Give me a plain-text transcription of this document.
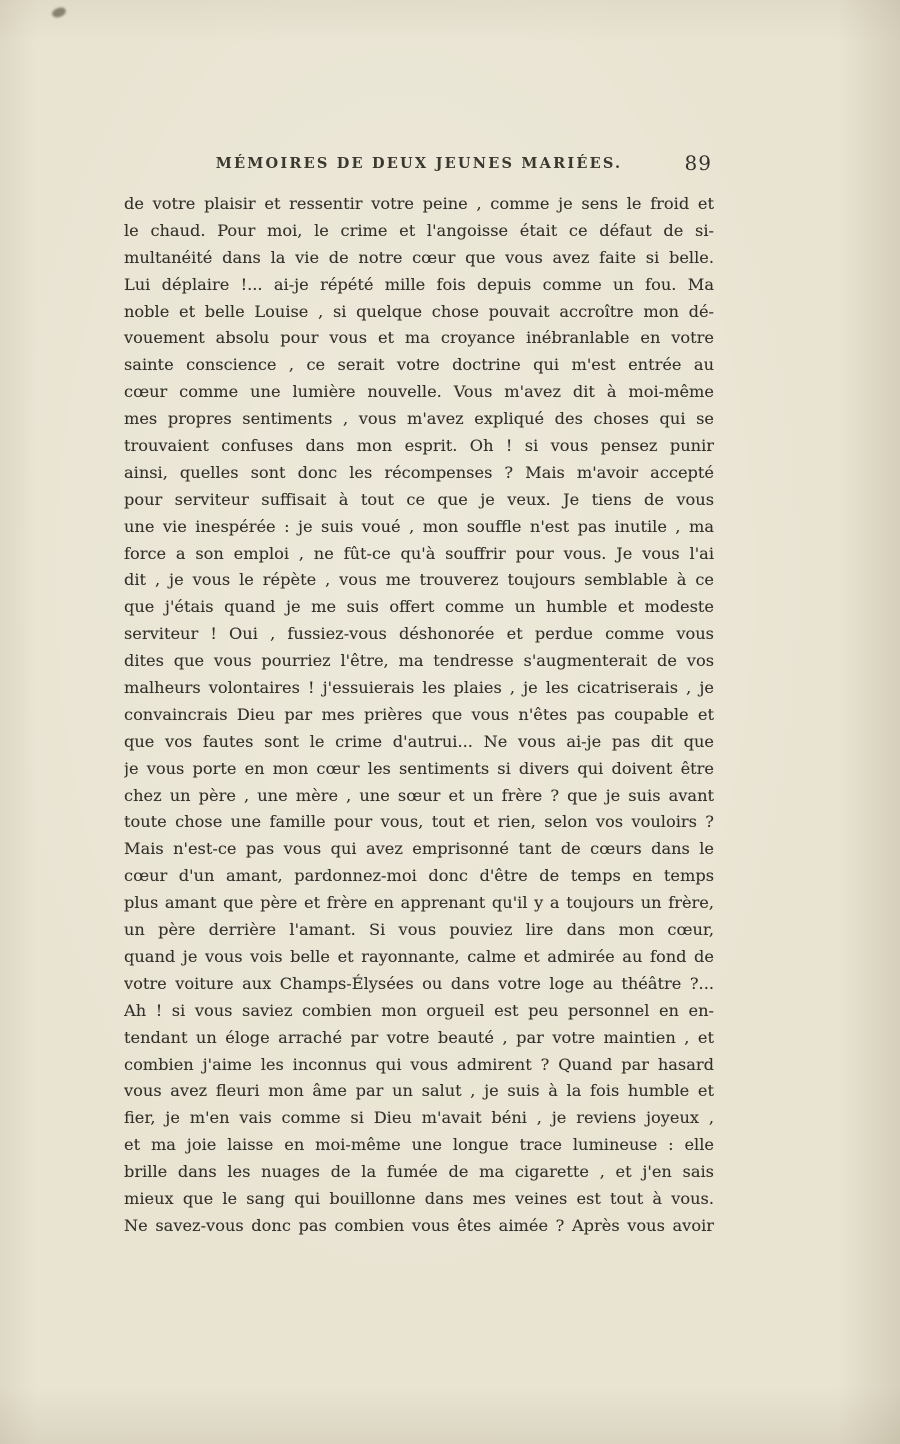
MÉMOIRES DE DEUX JEUNES MARIÉES.	89
de votre plaisir et ressentir votre peine , comme je sens le froid et
le chaud. Pour moi, le crime et l'angoisse était ce défaut de si-
multanéité dans la vie de notre cœur que vous avez faite si belle.
Lui déplaire !... ai-je répété mille fois depuis comme un fou. Ma
noble et belle Louise , si quelque chose pouvait accroître mon dé-
vouement absolu pour vous et ma croyance inébranlable en votre
sainte conscience , ce serait votre doctrine qui m'est entrée au
cœur comme une lumière nouvelle. Vous m'avez dit à moi-même
mes propres sentiments , vous m'avez expliqué des choses qui se
trouvaient confuses dans mon esprit. Oh ! si vous pensez punir
ainsi, quelles sont donc les récompenses ? Mais m'avoir accepté
pour serviteur suffisait à tout ce que je veux. Je tiens de vous
une vie inespérée : je suis voué , mon souffle n'est pas inutile , ma
force a son emploi , ne fût-ce qu'à souffrir pour vous. Je vous l'ai
dit , je vous le répète , vous me trouverez toujours semblable à ce
que j'étais quand je me suis offert comme un humble et modeste
serviteur ! Oui , fussiez-vous déshonorée et perdue comme vous
dites que vous pourriez l'être, ma tendresse s'augmenterait de vos
malheurs volontaires ! j'essuierais les plaies , je les cicatriserais , je
convaincrais Dieu par mes prières que vous n'êtes pas coupable et
que vos fautes sont le crime d'autrui... Ne vous ai-je pas dit que
je vous porte en mon cœur les sentiments si divers qui doivent être
chez un père , une mère , une sœur et un frère ? que je suis avant
toute chose une famille pour vous, tout et rien, selon vos vouloirs ?
Mais n'est-ce pas vous qui avez emprisonné tant de cœurs dans le
cœur d'un amant, pardonnez-moi donc d'être de temps en temps
plus amant que père et frère en apprenant qu'il y a toujours un frère,
un père derrière l'amant. Si vous pouviez lire dans mon cœur,
quand je vous vois belle et rayonnante, calme et admirée au fond de
votre voiture aux Champs-Élysées ou dans votre loge au théâtre ?...
Ah ! si vous saviez combien mon orgueil est peu personnel en en-
tendant un éloge arraché par votre beauté , par votre maintien , et
combien j'aime les inconnus qui vous admirent ? Quand par hasard
vous avez fleuri mon âme par un salut , je suis à la fois humble et
fier, je m'en vais comme si Dieu m'avait béni , je reviens joyeux ,
et ma joie laisse en moi-même une longue trace lumineuse : elle
brille dans les nuages de la fumée de ma cigarette , et j'en sais
mieux que le sang qui bouillonne dans mes veines est tout à vous.
Ne savez-vous donc pas combien vous êtes aimée ? Après vous avoir
